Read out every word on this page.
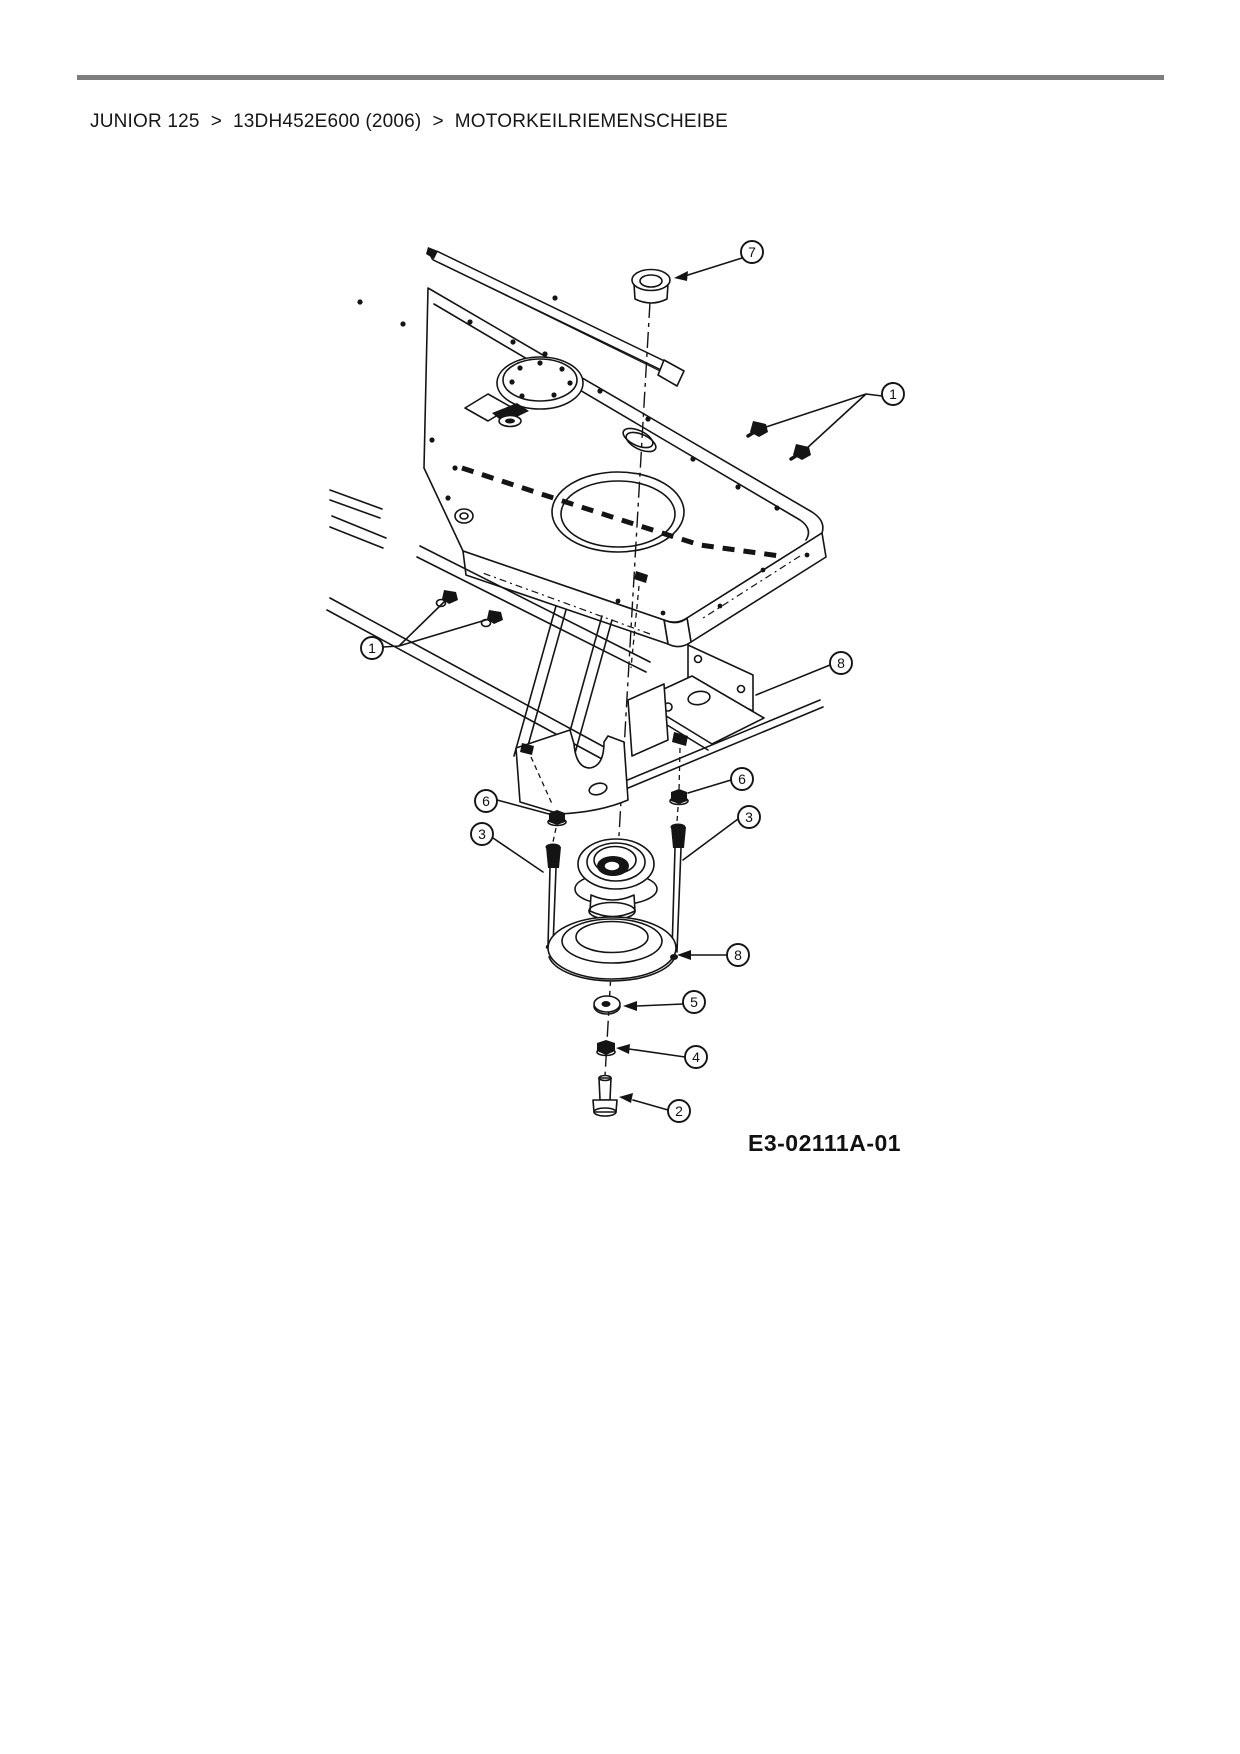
JUNIOR 125 > 13DH452E600 (2006) > MOTORKEILRIEMENSCHEIBE
7
1
1
8
6
3
6
3
8
5
4
2
E3-02111A-01
